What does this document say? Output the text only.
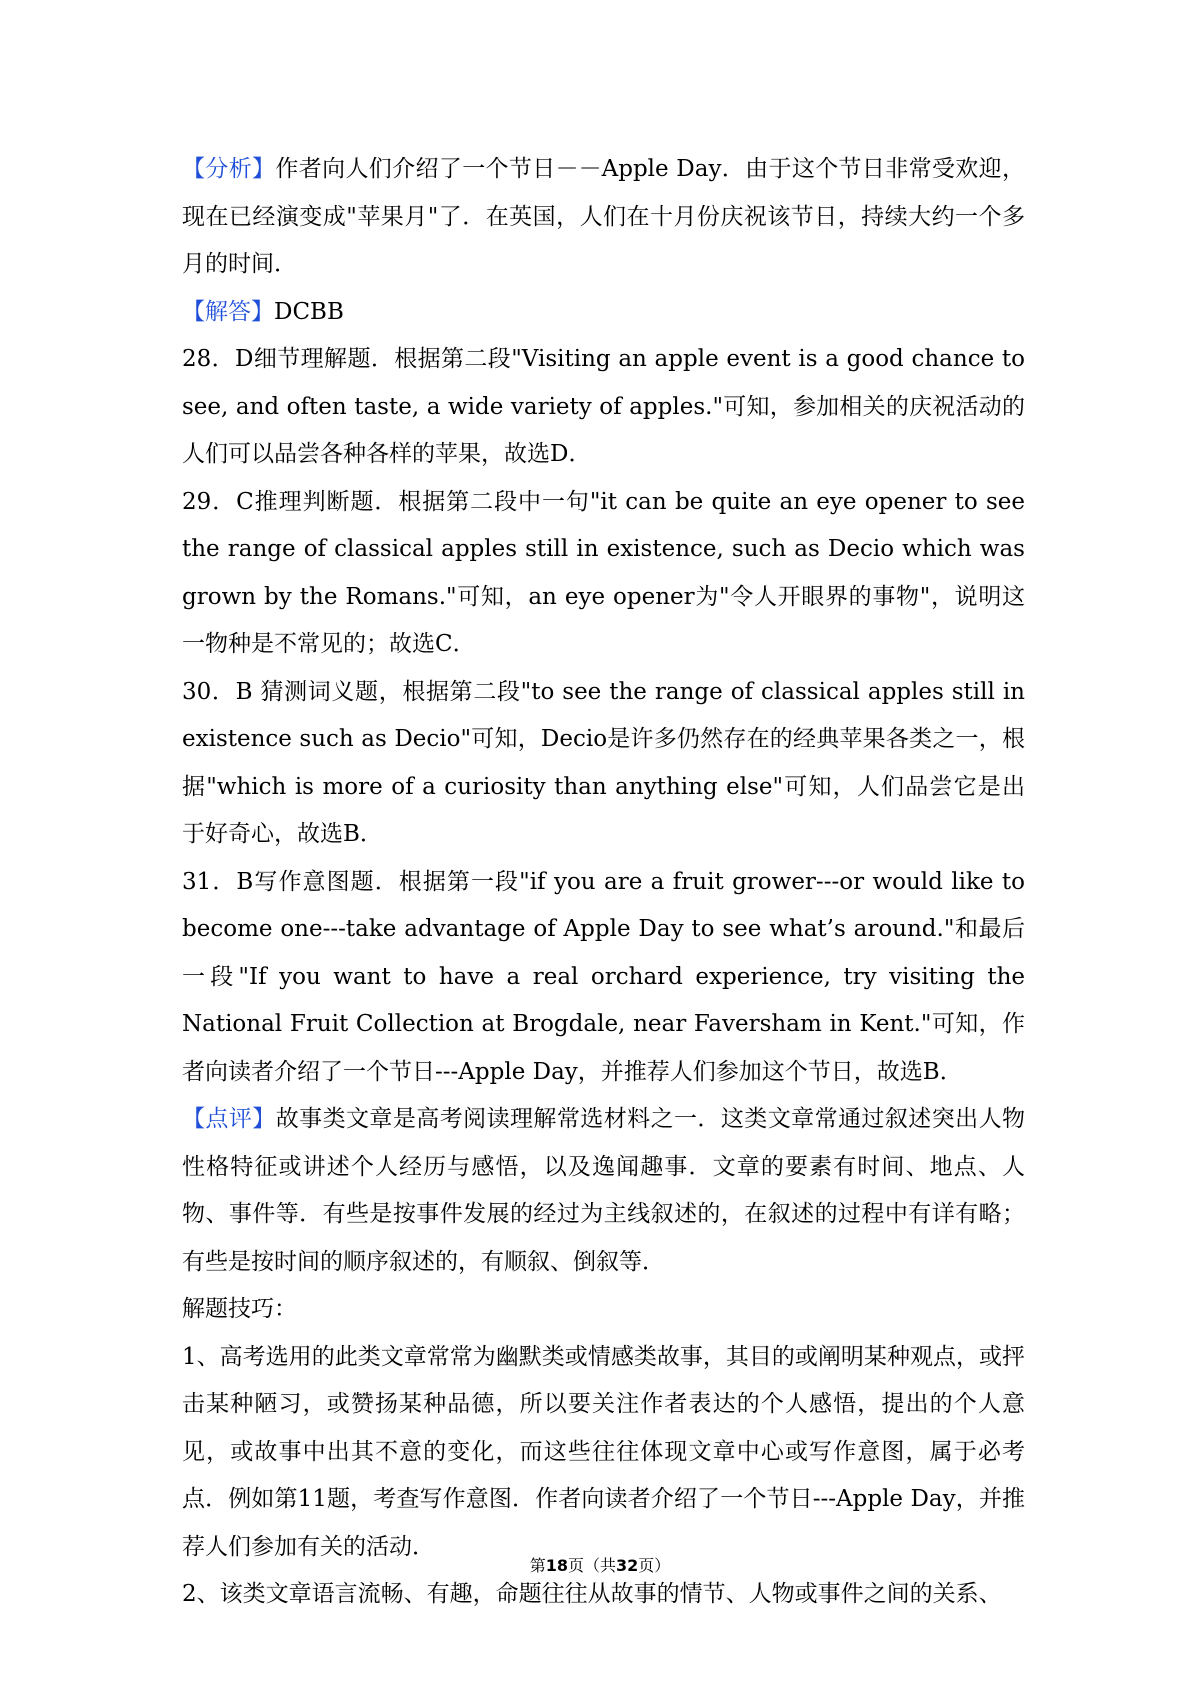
【分析】作者向人们介绍了一个节日－－Apple Day．由于这个节日非常受欢迎，现在已经演变成"苹果月"了．在英国，人们在十月份庆祝该节日，持续大约一个多月的时间．

【解答】DCBB

28．D细节理解题．根据第二段"Visiting an apple event is a good chance to see, and often taste, a wide variety of apples."可知，参加相关的庆祝活动的人们可以品尝各种各样的苹果，故选D．

29．C推理判断题．根据第二段中一句"it can be quite an eye opener to see the range of classical apples still in existence, such as Decio which was grown by the Romans."可知，an eye opener为"令人开眼界的事物"，说明这一物种是不常见的；故选C．

30．B 猜测词义题，根据第二段"to see the range of classical apples still in existence such as Decio"可知，Decio是许多仍然存在的经典苹果各类之一，根据"which is more of a curiosity than anything else"可知，人们品尝它是出于好奇心，故选B．

31．B写作意图题．根据第一段"if you are a fruit grower---or would like to become one---take advantage of Apple Day to see what’s around."和最后一段"If you want to have a real orchard experience, try visiting the National Fruit Collection at Brogdale, near Faversham in Kent."可知，作者向读者介绍了一个节日---Apple Day，并推荐人们参加这个节日，故选B．

【点评】故事类文章是高考阅读理解常选材料之一．这类文章常通过叙述突出人物性格特征或讲述个人经历与感悟，以及逸闻趣事．文章的要素有时间、地点、人物、事件等．有些是按事件发展的经过为主线叙述的，在叙述的过程中有详有略；有些是按时间的顺序叙述的，有顺叙、倒叙等．

解题技巧：

1、高考选用的此类文章常常为幽默类或情感类故事，其目的或阐明某种观点，或抨击某种陋习，或赞扬某种品德，所以要关注作者表达的个人感悟，提出的个人意见，或故事中出其不意的变化，而这些往往体现文章中心或写作意图，属于必考点．例如第11题，考查写作意图．作者向读者介绍了一个节日---Apple Day，并推荐人们参加有关的活动．

2、该类文章语言流畅、有趣，命题往往从故事的情节、人物或事件之间的关系、

第18页（共32页）
